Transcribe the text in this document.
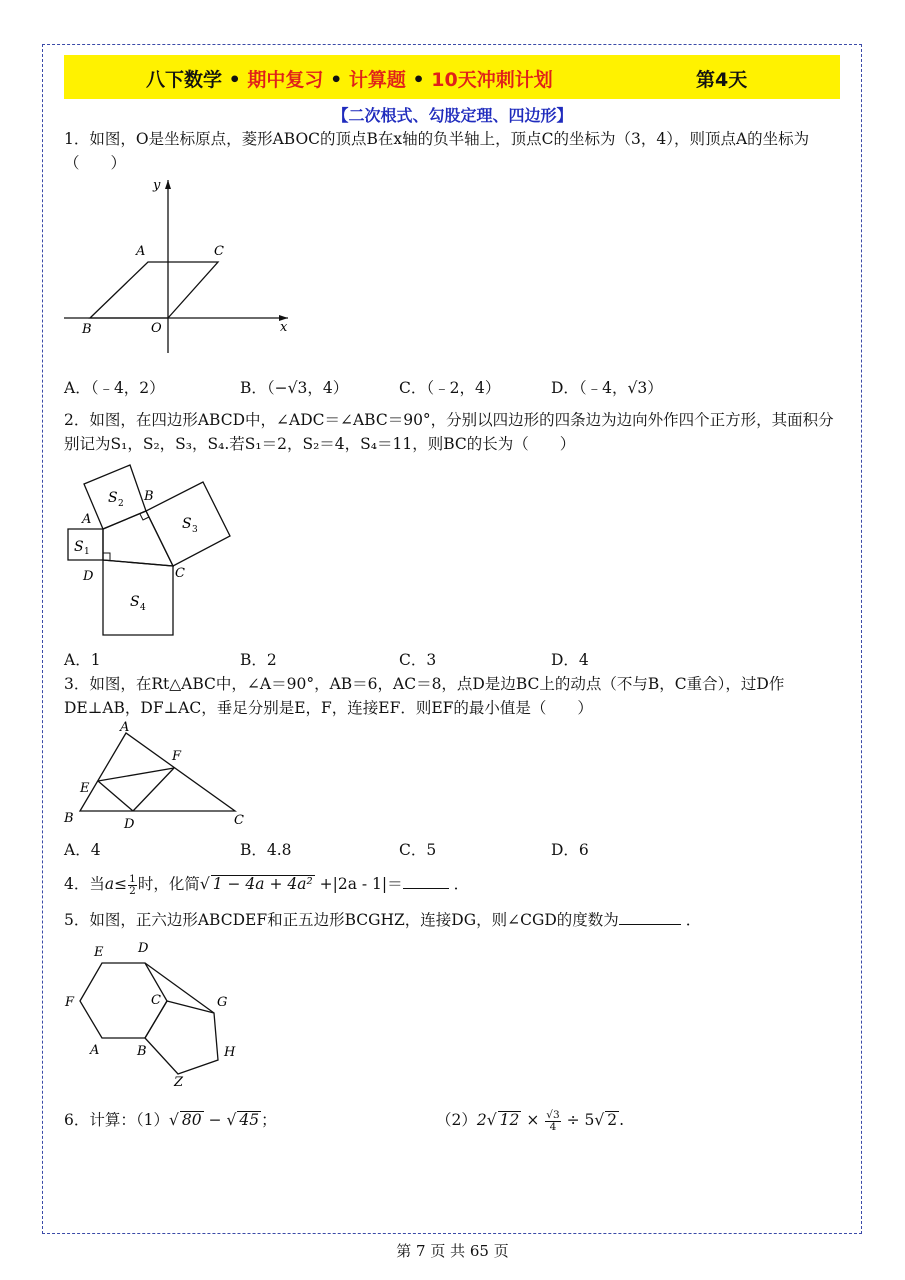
八下数学 • 期中复习 • 计算题 • 10天冲刺计划	第4天
【二次根式、勾股定理、四边形】
1．如图，O是坐标原点，菱形ABOC的顶点B在x轴的负半轴上，顶点C的坐标为（3，4），则顶点A的坐标为（　　）
y
x
A	C
B	O
A．（﹣4，2）	B．（−√3，4）	C．（﹣2，4）	D．（﹣4，√3）
2．如图，在四边形ABCD中，∠ADC＝∠ABC＝90°，分别以四边形的四条边为边向外作四个正方形，其面积分别记为S₁，S₂，S₃，S₄.若S₁＝2，S₂＝4，S₄＝11，则BC的长为（　　）
S 1
S 2
S 3
S 4
A
B
C
D
A．1	B．2	C．3	D．4
3．如图，在Rt△ABC中，∠A＝90°，AB＝6，AC＝8，点D是边BC上的动点（不与B，C重合），过D作DE⊥AB，DF⊥AC，垂足分别是E，F，连接EF．则EF的最小值是（　　）
A
F
E
B	D	C
A．4	B．4.8	C．5	D．6
4．当$a\le \frac{1}{2}$ 时，化简√ 1 − 4a + 4a² +|2a - 1|＝	．
5．如图，正六边形ABCDEF和正五边形BCGHZ，连接DG，则∠CGD的度数为	．
E	D
F	C	G
A	B	H
Z
6．计算：（1）√ 80 − √ 45 ；	（2）2√ $12 \times \frac{√3}{4} \div 5√$ 2 .
第 7 页 共 65 页
